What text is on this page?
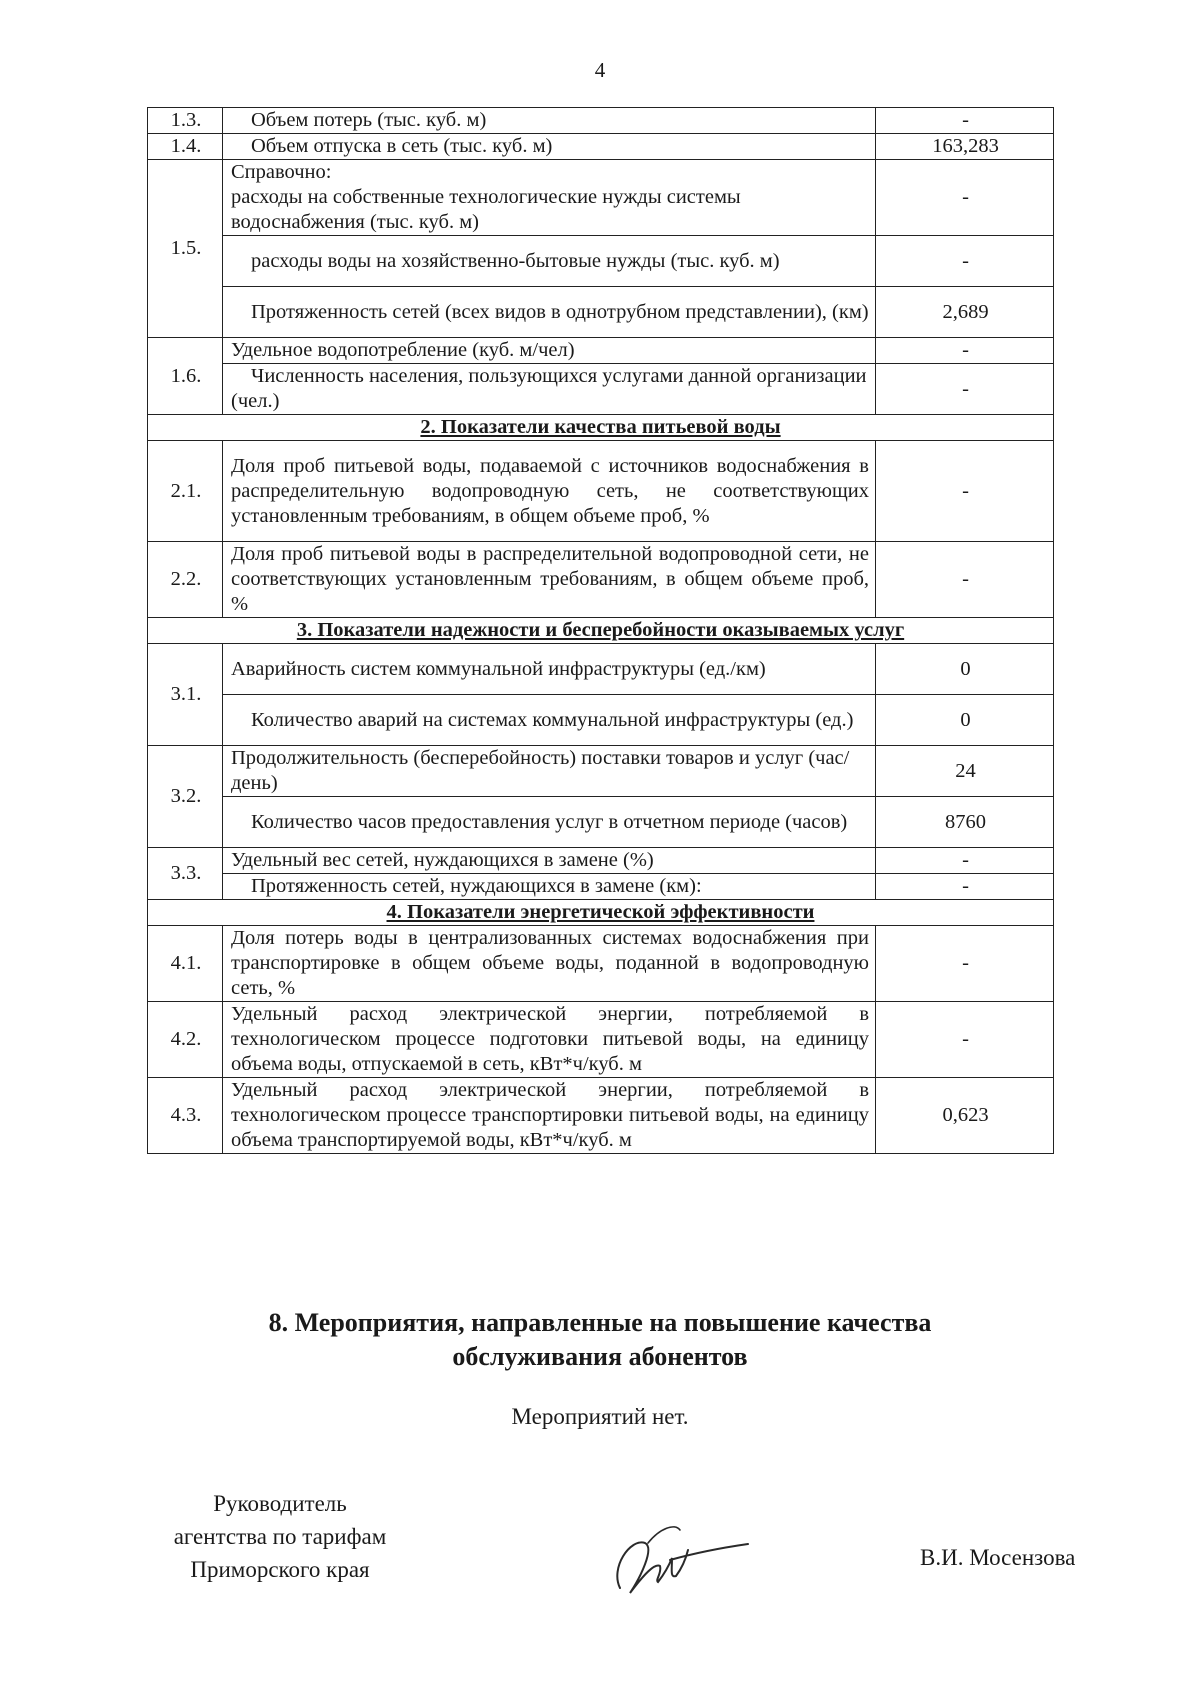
4
1.3.	Объем потерь (тыс. куб. м)	-
1.4.	Объем отпуска в сеть (тыс. куб. м)	163,283
1.5.	Справочно:
расходы на собственные технологические нужды системы водоснабжения (тыс. куб. м)	-

	расходы воды на хозяйственно-бытовые нужды (тыс. куб. м)	-

	Протяженность сетей (всех видов в однотрубном представлении), (км)	2,689
1.6.	Удельное водопотребление (куб. м/чел)	-

	Численность населения, пользующихся услугами данной организации (чел.)	-
2. Показатели качества питьевой воды		
2.1.	Доля проб питьевой воды, подаваемой с источников водоснабжения в распределительную водопроводную сеть, не соответствующих установленным требованиям, в общем объеме проб, %	-
2.2.	Доля проб питьевой воды в распределительной водопроводной сети, не соответствующих установленным требованиям, в общем объеме проб, %	-
3. Показатели надежности и бесперебойности оказываемых услуг		
3.1.	Аварийность систем коммунальной инфраструктуры (ед./км)	0

	Количество аварий на системах коммунальной инфраструктуры (ед.)	0
3.2.	Продолжительность (бесперебойность) поставки товаров и услуг (час/день)	24

	Количество часов предоставления услуг в отчетном периоде (часов)	8760
3.3.	Удельный вес сетей, нуждающихся в замене (%)	-

	Протяженность сетей, нуждающихся в замене (км):	-
4. Показатели энергетической эффективности		
4.1.	Доля потерь воды в централизованных системах водоснабжения при транспортировке в общем объеме воды, поданной в водопроводную сеть, %	-
4.2.	Удельный расход электрической энергии, потребляемой в технологическом процессе подготовки питьевой воды, на единицу объема воды, отпускаемой в сеть, кВт*ч/куб. м	-
4.3.	Удельный расход электрической энергии, потребляемой в технологическом процессе транспортировки питьевой воды, на единицу объема транспортируемой воды, кВт*ч/куб. м	0,623
8. Мероприятия, направленные на повышение качества обслуживания абонентов
Мероприятий нет.
Руководитель
агентства по тарифам
Приморского края	В.И. Мосензова
